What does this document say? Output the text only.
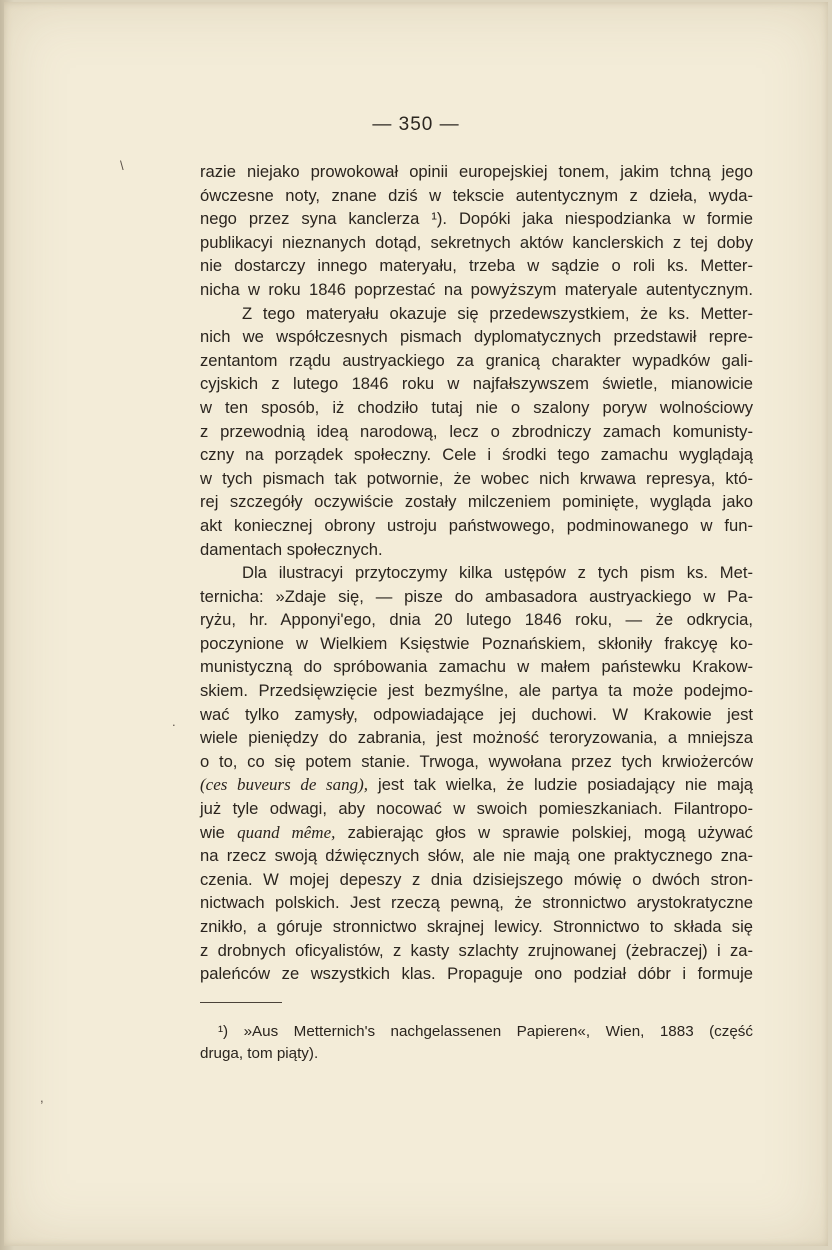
— 350 —
razie niejako prowokował opinii europejskiej tonem, jakim tchną jego
ówczesne noty, znane dziś w tekscie autentycznym z dzieła, wyda-
nego przez syna kanclerza ¹). Dopóki jaka niespodzianka w formie
publikacyi nieznanych dotąd, sekretnych aktów kanclerskich z tej doby
nie dostarczy innego materyału, trzeba w sądzie o roli ks. Metter-
nicha w roku 1846 poprzestać na powyższym materyale autentycznym.
Z tego materyału okazuje się przedewszystkiem, że ks. Metter-
nich we współczesnych pismach dyplomatycznych przedstawił repre-
zentantom rządu austryackiego za granicą charakter wypadków gali-
cyjskich z lutego 1846 roku w najfałszywszem świetle, mianowicie
w ten sposób, iż chodziło tutaj nie o szalony poryw wolnościowy
z przewodnią ideą narodową, lecz o zbrodniczy zamach komunisty-
czny na porządek społeczny. Cele i środki tego zamachu wyglądają
w tych pismach tak potwornie, że wobec nich krwawa represya, któ-
rej szczegóły oczywiście zostały milczeniem pominięte, wygląda jako
akt koniecznej obrony ustroju państwowego, podminowanego w fun-
damentach społecznych.
Dla ilustracyi przytoczymy kilka ustępów z tych pism ks. Met-
ternicha: »Zdaje się, — pisze do ambasadora austryackiego w Pa-
ryżu, hr. Apponyi'ego, dnia 20 lutego 1846 roku, — że odkrycia,
poczynione w Wielkiem Księstwie Poznańskiem, skłoniły frakcyę ko-
munistyczną do spróbowania zamachu w małem państewku Krakow-
skiem. Przedsięwzięcie jest bezmyślne, ale partya ta może podejmo-
wać tylko zamysły, odpowiadające jej duchowi. W Krakowie jest
wiele pieniędzy do zabrania, jest możność teroryzowania, a mniejsza
o to, co się potem stanie. Trwoga, wywołana przez tych krwiożerców
(ces buveurs de sang), jest tak wielka, że ludzie posiadający nie mają
już tyle odwagi, aby nocować w swoich pomieszkaniach. Filantropo-
wie quand même, zabierając głos w sprawie polskiej, mogą używać
na rzecz swoją dźwięcznych słów, ale nie mają one praktycznego zna-
czenia. W mojej depeszy z dnia dzisiejszego mówię o dwóch stron-
nictwach polskich. Jest rzeczą pewną, że stronnictwo arystokratyczne
znikło, a góruje stronnictwo skrajnej lewicy. Stronnictwo to składa się
z drobnych oficyalistów, z kasty szlachty zrujnowanej (żebraczej) i za-
paleńców ze wszystkich klas. Propaguje ono podział dóbr i formuje
¹) »Aus Metternich's nachgelassenen Papieren«, Wien, 1883 (część
druga, tom piąty).
\
.
,
